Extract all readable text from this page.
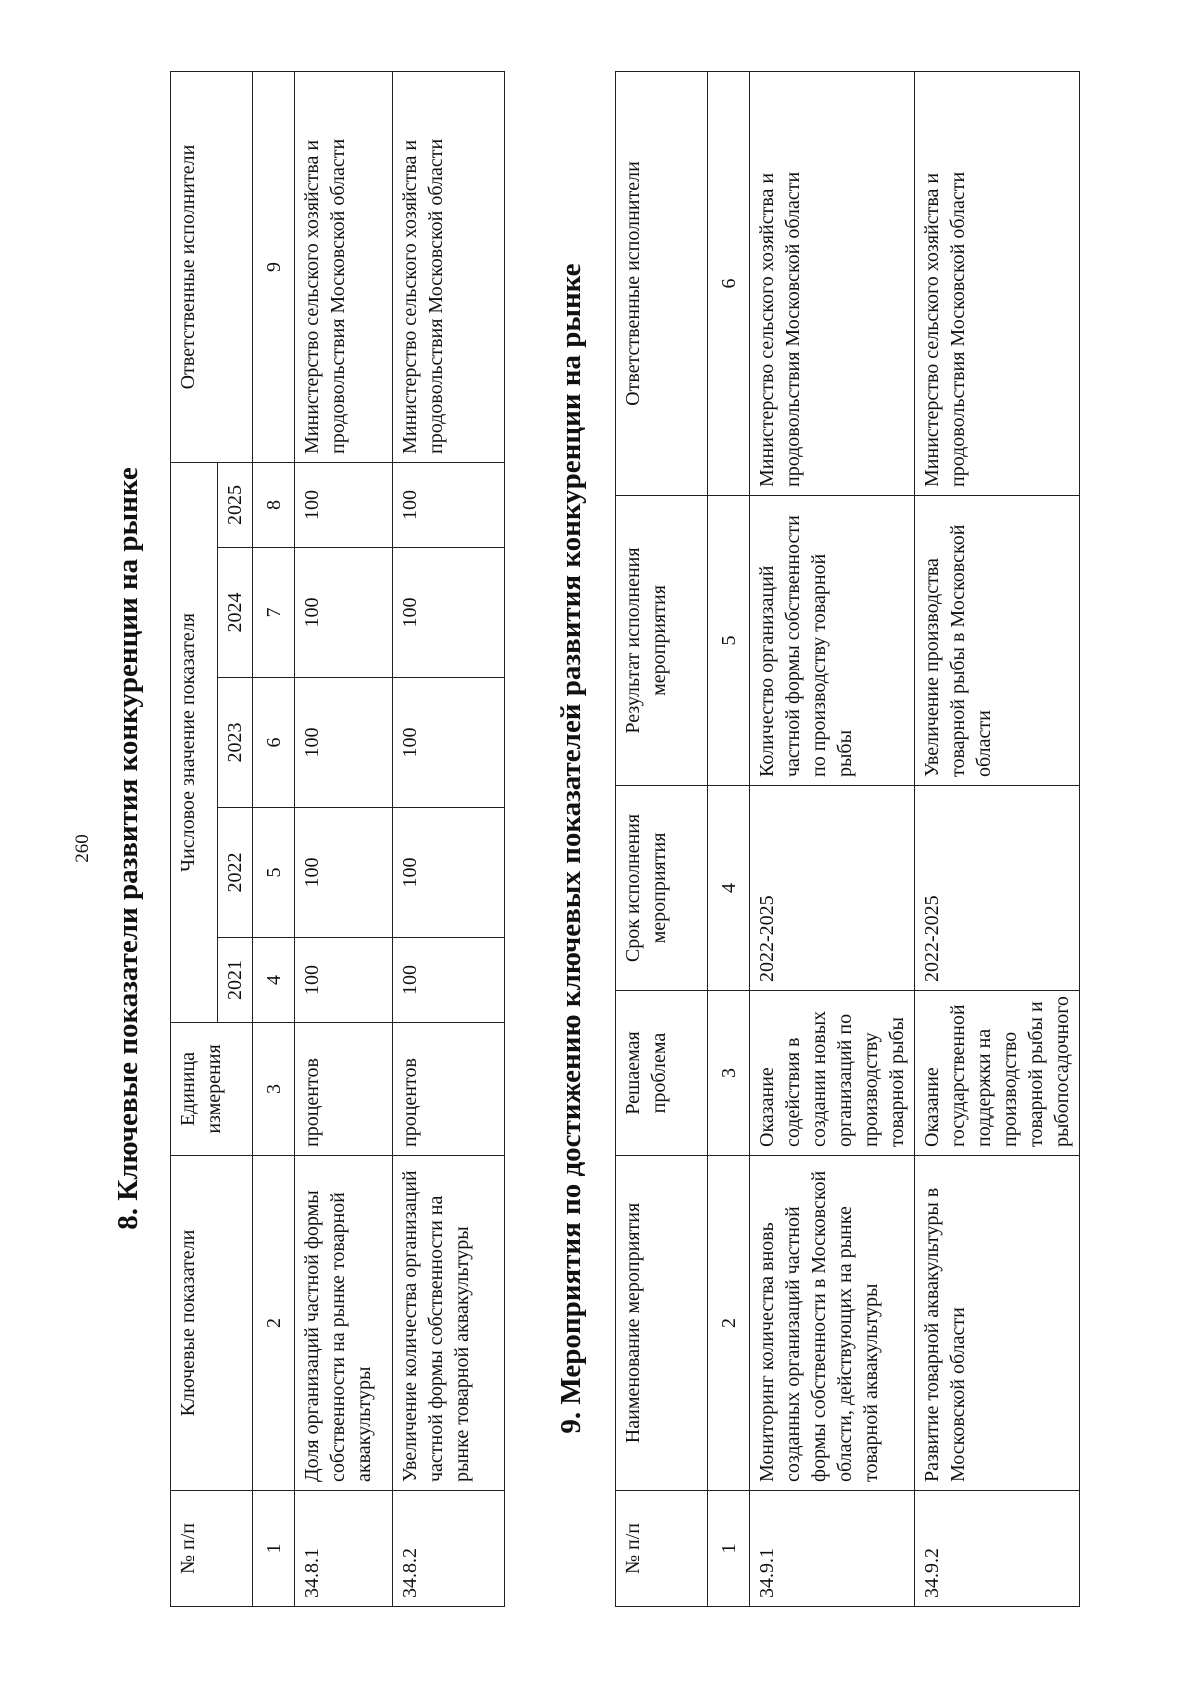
260 8. Ключевые показатели развития конкуренции на рынке
№ п/п	Ключевые показатели	Единица измерения	Числовое значение показателя					Ответственные исполнители
			2021	2022	2023	2024	2025	
1	2	3	4	5	6	7	8	9
34.8.1	Доля организаций частной формы собственности на рынке товарной аквакультуры	процентов	100	100	100	100	100	Министерство сельского хозяйства и продовольствия Московской области
34.8.2	Увеличение количества организаций частной формы собственности на рынке товарной аквакультуры	процентов	100	100	100	100	100	Министерство сельского хозяйства и продовольствия Московской области	9. Мероприятия по достижению ключевых показателей развития конкуренции на рынке
№ п/п	Наименование мероприятия	Решаемая проблема	Срок исполнения мероприятия	Результат исполнения мероприятия	Ответственные исполнители
1	2	3	4	5	6
34.9.1	Мониторинг количества вновь созданных организаций частной формы собственности в Московской области, действующих на рынке товарной аквакультуры	Оказание содействия в создании новых организаций по производству товарной рыбы	2022-2025	Количество организаций частной формы собственности по производству товарной рыбы	Министерство сельского хозяйства и продовольствия Московской области
34.9.2	Развитие товарной аквакультуры в Московской области	Оказание государственной поддержки на производство товарной рыбы и рыбопосадочного	2022-2025	Увеличение производства товарной рыбы в Московской области	Министерство сельского хозяйства и продовольствия Московской области
